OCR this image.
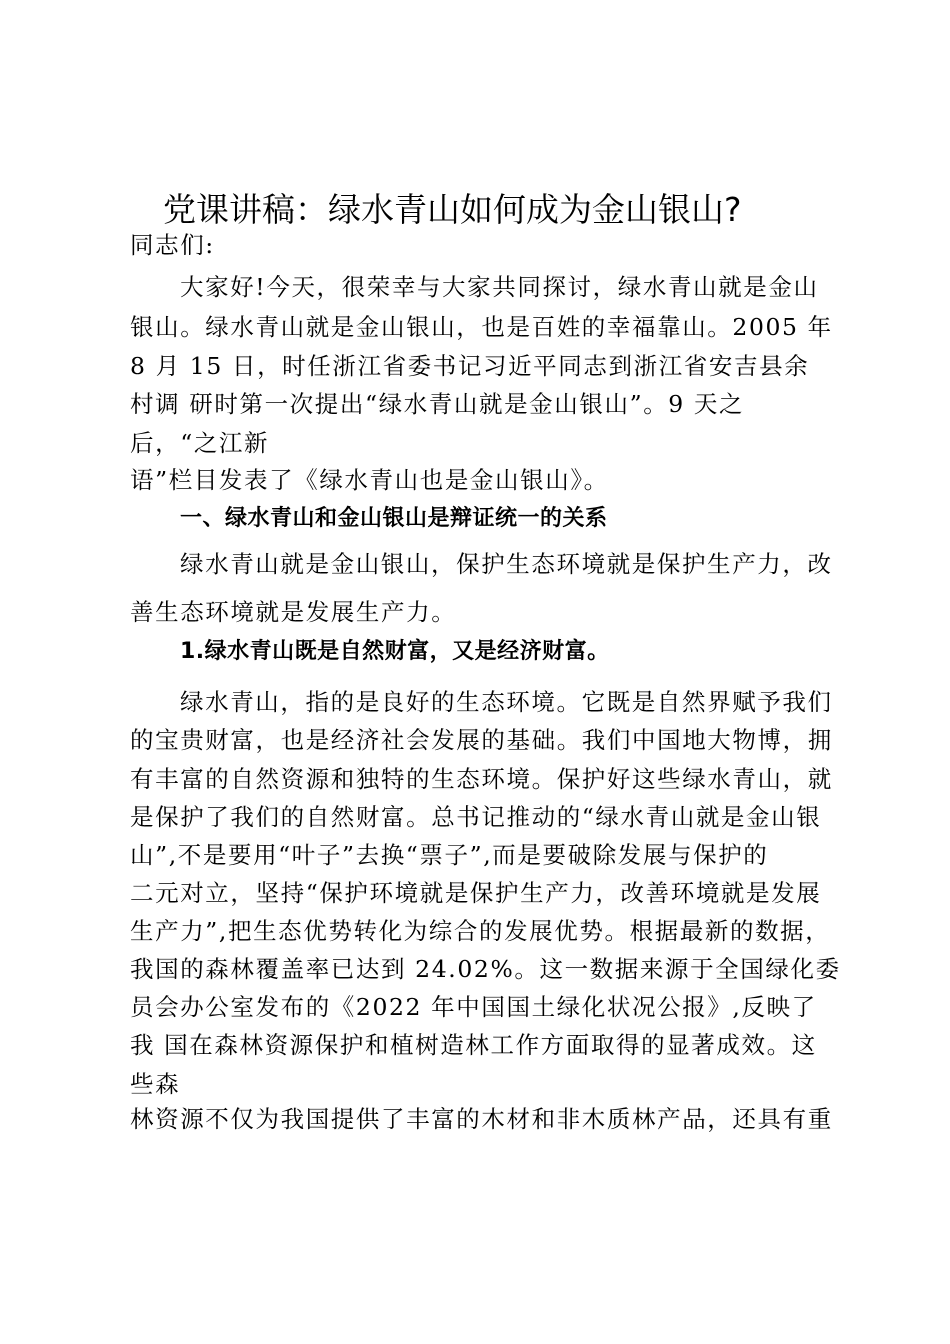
党课讲稿：绿水青山如何成为金山银山?
同志们:
大家好!今天，很荣幸与大家共同探讨，绿水青山就是金山
银山。绿水青山就是金山银山，也是百姓的幸福靠山。2005 年
8 月 15 日，时任浙江省委书记习近平同志到浙江省安吉县余
村调 研时第一次提出“绿水青山就是金山银山”。9 天之
后，“之江新
语”栏目发表了《绿水青山也是金山银山》。
一、绿水青山和金山银山是辩证统一的关系
绿水青山就是金山银山，保护生态环境就是保护生产力，改
善生态环境就是发展生产力。
1.绿水青山既是自然财富，又是经济财富。
绿水青山，指的是良好的生态环境。它既是自然界赋予我们
的宝贵财富，也是经济社会发展的基础。我们中国地大物博，拥
有丰富的自然资源和独特的生态环境。保护好这些绿水青山，就
是保护了我们的自然财富。总书记推动的“绿水青山就是金山银
山”,不是要用“叶子”去换“票子”,而是要破除发展与保护的
二元对立，坚持“保护环境就是保护生产力，改善环境就是发展
生产力”,把生态优势转化为综合的发展优势。根据最新的数据，
我国的森林覆盖率已达到 24.02%。这一数据来源于全国绿化委
员会办公室发布的《2022 年中国国土绿化状况公报》,反映了
我 国在森林资源保护和植树造林工作方面取得的显著成效。这
些森
林资源不仅为我国提供了丰富的木材和非木质林产品，还具有重
